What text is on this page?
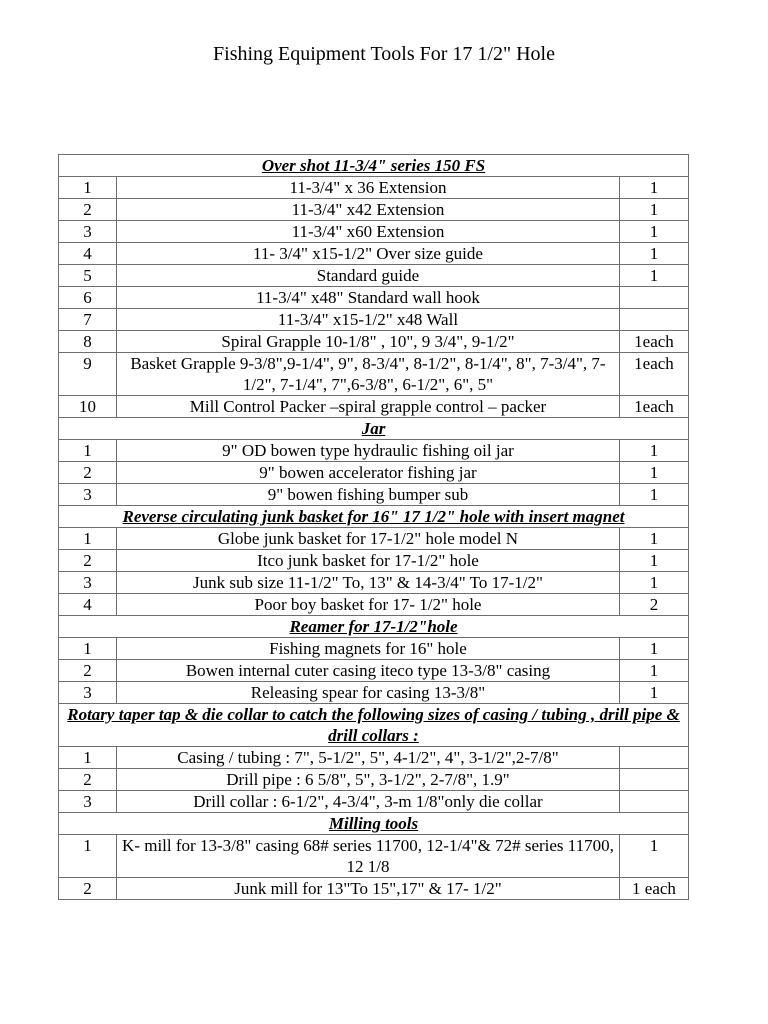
Fishing Equipment Tools For 17 1/2" Hole
Over shot 11-3/4" series 150 FS		
1	11-3/4" x 36 Extension	1
2	11-3/4" x42 Extension	1
3	11-3/4" x60 Extension	1
4	11- 3/4" x15-1/2" Over size guide	1
5	Standard guide	1
6	11-3/4" x48" Standard wall hook	
7	11-3/4" x15-1/2" x48 Wall	
8	Spiral Grapple 10-1/8" , 10", 9 3/4", 9-1/2"	1each
9	Basket Grapple 9-3/8",9-1/4", 9", 8-3/4", 8-1/2", 8-1/4", 8", 7-3/4", 7-1/2", 7-1/4", 7",6-3/8", 6-1/2", 6", 5"	1each
10	Mill Control Packer –spiral grapple control – packer	1each
Jar		
1	9" OD bowen type hydraulic fishing oil jar	1
2	9" bowen accelerator fishing jar	1
3	9" bowen fishing bumper sub	1
Reverse circulating junk basket for 16" 17 1/2" hole with insert magnet		
1	Globe junk basket for 17-1/2" hole model N	1
2	Itco junk basket for 17-1/2" hole	1
3	Junk sub size 11-1/2" To, 13" & 14-3/4" To 17-1/2"	1
4	Poor boy basket for 17- 1/2" hole	2
Reamer for 17-1/2"hole		
1	Fishing magnets for 16" hole	1
2	Bowen internal cuter casing iteco type 13-3/8" casing	1
3	Releasing spear for casing 13-3/8"	1
Rotary taper tap & die collar to catch the following sizes of casing / tubing , drill pipe & drill collars :		
1	Casing / tubing : 7", 5-1/2", 5", 4-1/2", 4", 3-1/2",2-7/8"	
2	Drill pipe : 6 5/8", 5", 3-1/2", 2-7/8", 1.9"	
3	Drill collar : 6-1/2", 4-3/4", 3-m 1/8"only die collar	
Milling tools		
1	K- mill for 13-3/8" casing 68# series 11700, 12-1/4"& 72# series 11700, 12 1/8	1
2	Junk mill for 13"To 15",17" & 17- 1/2"	1 each
